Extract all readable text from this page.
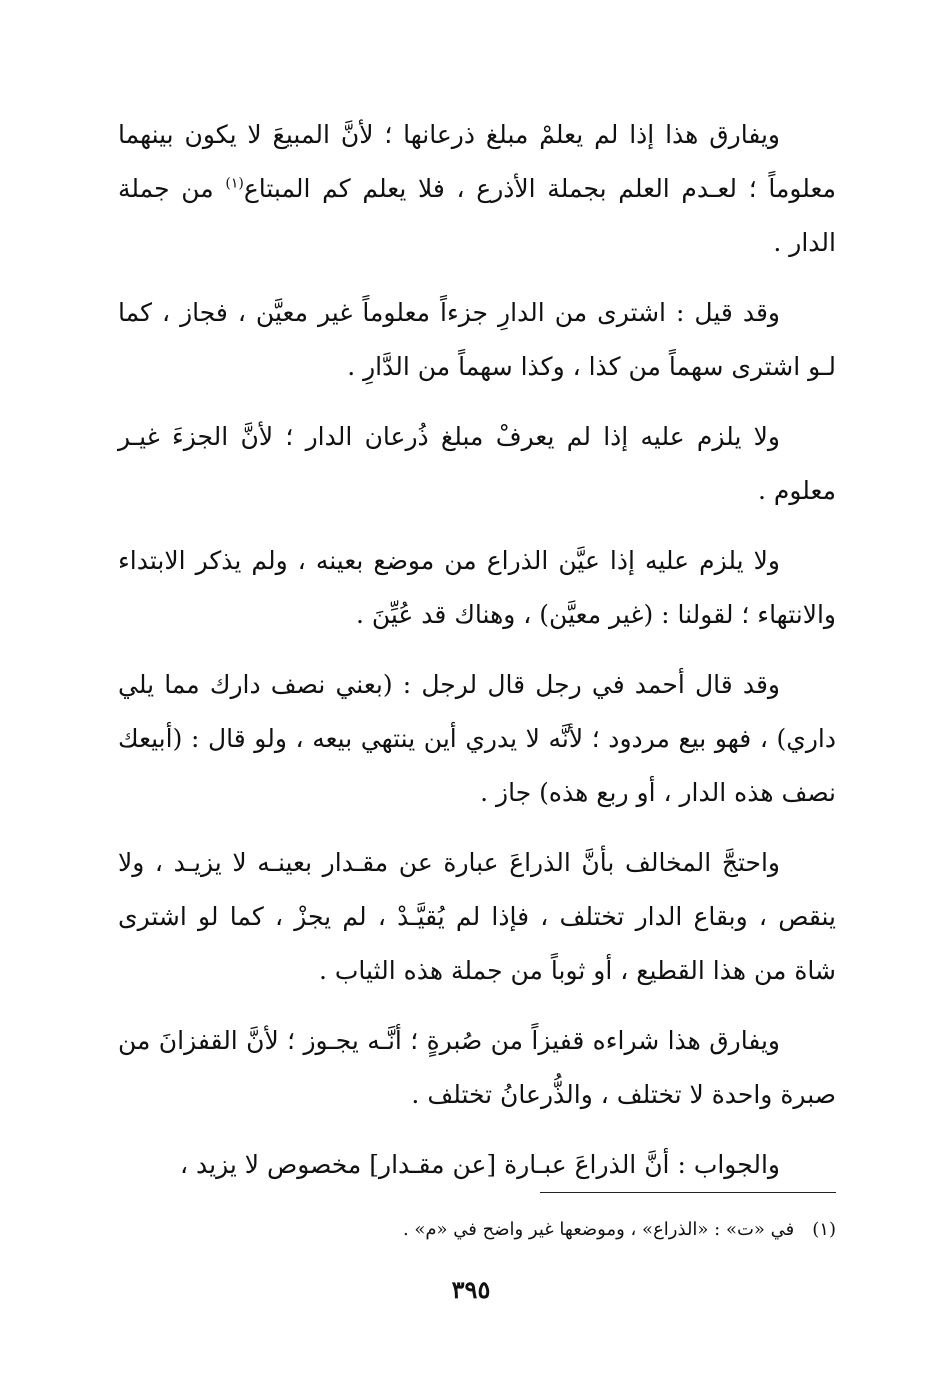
ويفارق هذا إذا لم يعلمْ مبلغ ذرعانها ؛ لأنَّ المبيعَ لا يكون بينهما معلوماً ؛ لعـدم العلم بجملة الأذرع ، فلا يعلم كم المبتاع$^{(١)}$ من جملة الدار .

وقد قيل : اشترى من الدارِ جزءاً معلوماً غير معيَّن ، فجاز ، كما لـو اشترى سهماً من كذا ، وكذا سهماً من الدَّارِ .

ولا يلزم عليه إذا لم يعرفْ مبلغ ذُرعان الدار ؛ لأنَّ الجزءَ غيـر معلوم .

ولا يلزم عليه إذا عيَّن الذراع من موضع بعينه ، ولم يذكر الابتداء والانتهاء ؛ لقولنا : (غير معيَّن) ، وهناك قد عُيِّنَ .

وقد قال أحمد في رجل قال لرجل : (بعني نصف دارك مما يلي داري) ، فهو بيع مردود ؛ لأنَّه لا يدري أين ينتهي بيعه ، ولو قال : (أبيعك نصف هذه الدار ، أو ربع هذه) جاز .

واحتجَّ المخالف بأنَّ الذراعَ عبارة عن مقـدار بعينـه لا يزيـد ، ولا ينقص ، وبقاع الدار تختلف ، فإذا لم يُقيَّـدْ ، لم يجزْ ، كما لو اشترى شاة من هذا القطيع ، أو ثوباً من جملة هذه الثياب .

ويفارق هذا شراءه قفيزاً من صُبرةٍ ؛ أنَّـه يجـوز ؛ لأنَّ القفزانَ من صبرة واحدة لا تختلف ، والذُّرعانُ تختلف .

والجواب : أنَّ الذراعَ عبـارة [عن مقـدار] مخصوص لا يزيد ،

(١)في «ت» : «الذراع» ، وموضعها غير واضح في «م» .
٣٩٥
